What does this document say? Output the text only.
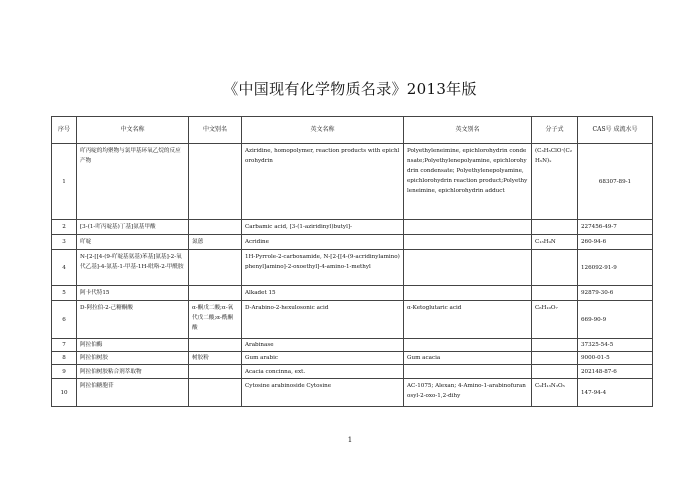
《中国现有化学物质名录》2013年版
序号	中文名称	中文别名	英文名称	英文别名	分子式	CAS号 成流水号
1	吖丙啶的均聚物与氯甲基环氧乙烷的反应产物		Aziridine, homopolymer, reaction products with epichlorohydrin	Polyethyleneimine, epichlorohydrin condensate;Polyethylenepolyamine, epichlorohydrin condensate; Polyethylenepolyamine, epichlorohydrin reaction product;Polyethyleneimine, epichlorohydrin adduct	(C₃H₅ClO·(C₂H₅N)ₓ	68307-89-1
2	[3-(1-吖丙啶基)丁基]氨基甲酸		Carbamic acid, [3-(1-aziridinyl)butyl]-			227456-49-7
3	吖啶	氮蒽	Acridine		C₁₃H₉N	260-94-6
4	N-[2-[[4-(9-吖啶基氨基)苯基]氨基]-2-氧代乙基]-4-氨基-1-甲基-1H-吡咯-2-甲酰胺		1H-Pyrrole-2-carboxamide, N-[2-[[4-(9-acridinylamino) phenyl]amino]-2-oxoethyl]-4-amino-1-methyl			126092-91-9
5	阿卡代特15		Alkadet 15			92879-30-6
6	D-阿拉伯-2-己糖酮酸	α-酮戊二酸;α-氧代戊二酸;α-酰酮酸	D-Arabino-2-hexulosonic acid	α-Ketoglutaric acid	C₆H₁₀O₇	669-90-9
7	阿拉伯酶		Arabinase			37325-54-5
8	阿拉伯树胶	树胶粉	Gum arabic	Gum acacia		9000-01-5
9	阿拉伯树胶粘合剂萃取物		Acacia concinna, ext.			202148-87-6
10	阿拉伯糖胞苷		Cytosine arabinoside Cytosine	AC-1075; Alexan; 4-Amino-1-arabinofuranosyl-2-oxo-1,2-dihy	C₉H₁₃N₃O₅	147-94-4
1
